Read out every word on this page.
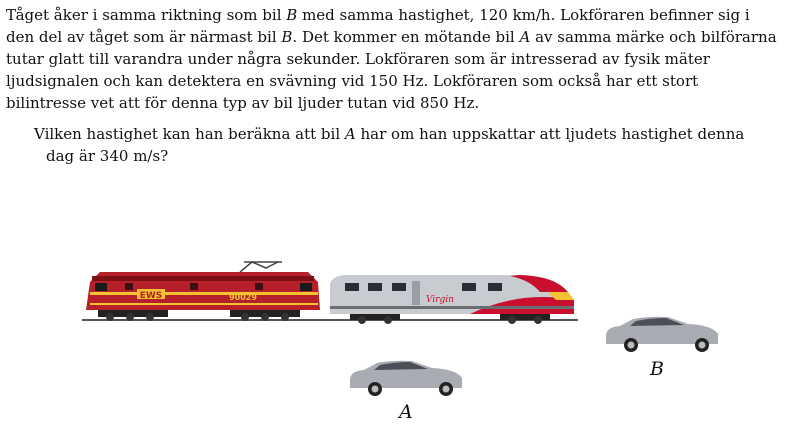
Tåget åker i samma riktning som bil B med samma hastighet, 120 km/h. Lokföraren befinner sig i den del av tåget som är närmast bil B. Det kommer en mötande bil A av samma märke och bilförarna tutar glatt till varandra under några sekunder. Lokföraren som är intresserad av fysik mäter ljudsignalen och kan detektera en svävning vid 150 Hz. Lokföraren som också har ett stort bilintresse vet att för denna typ av bil ljuder tutan vid 850 Hz.
Vilken hastighet kan han beräkna att bil A har om han uppskattar att ljudets hastighet denna
dag är 340 m/s?
EWS	90029	Virgin
B
A
